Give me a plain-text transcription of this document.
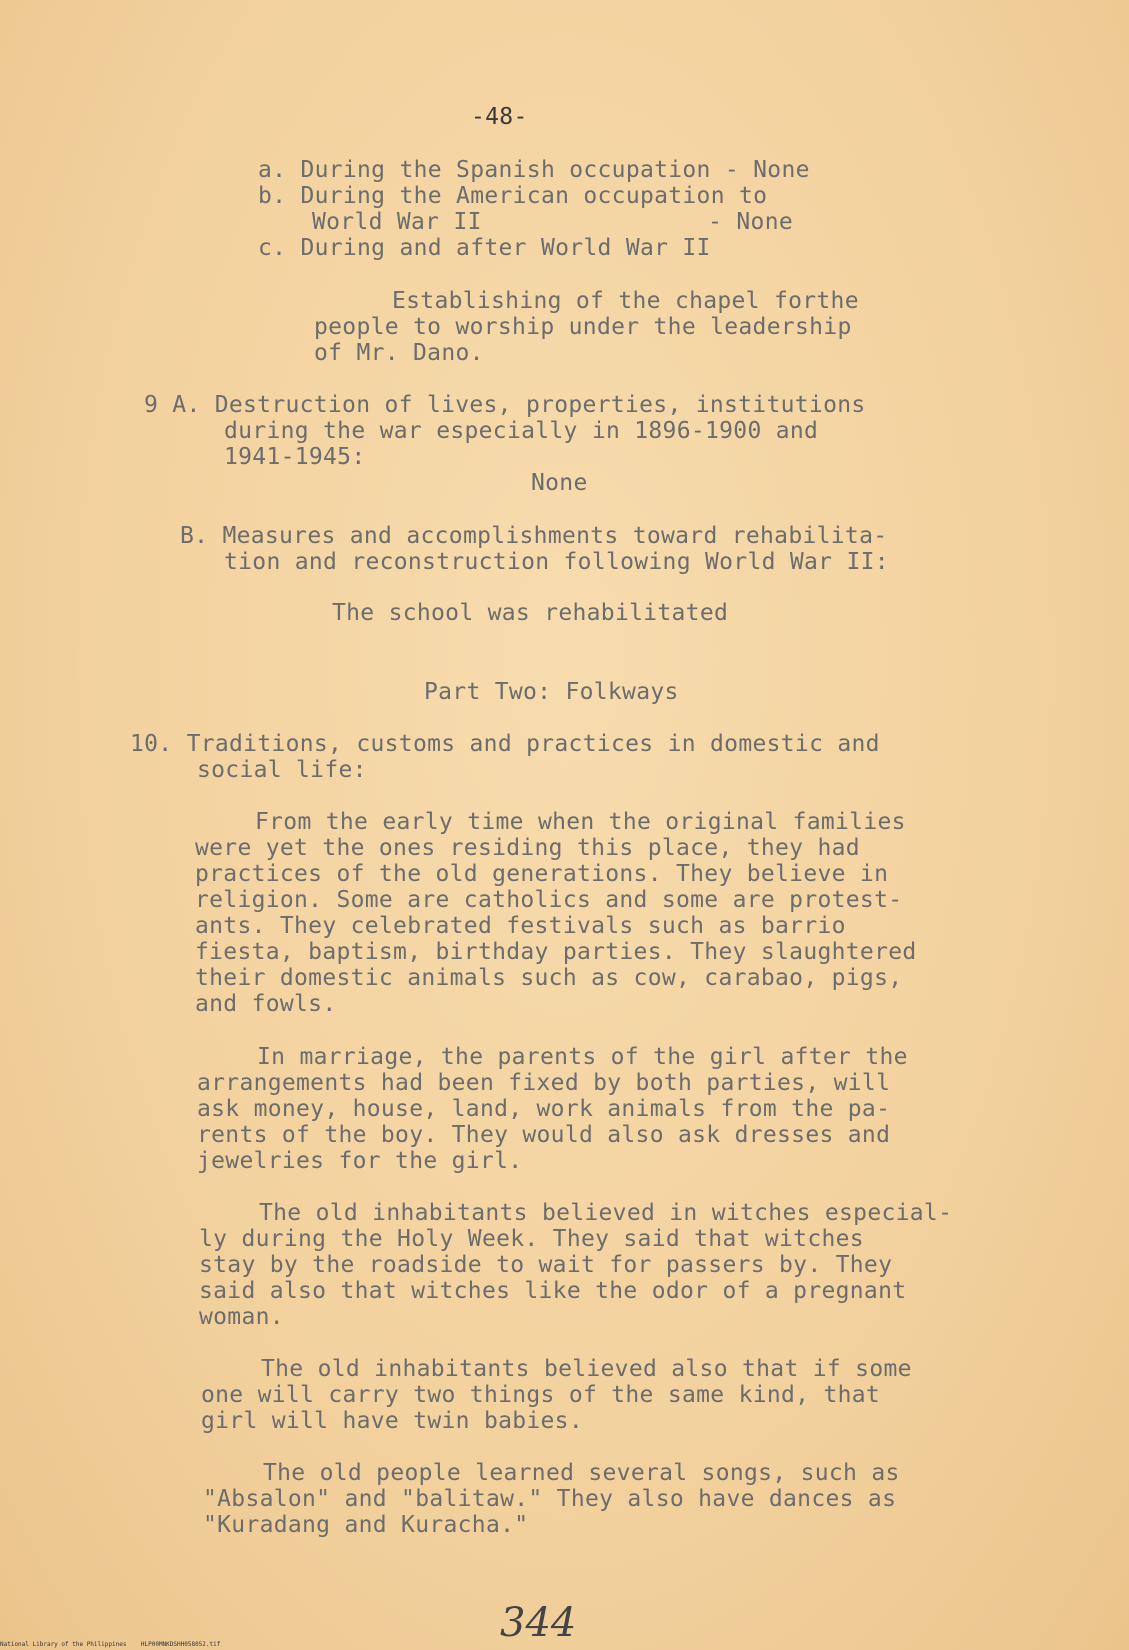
-48-
a. During the Spanish occupation - None
b. During the American occupation to
World War II                - None
c. During and after World War II
Establishing of the chapel forthe
people to worship under the leadership
of Mr. Dano.
9 A. Destruction of lives, properties, institutions
during the war especially in 1896-1900 and
1941-1945:
None
B. Measures and accomplishments toward rehabilita-
tion and reconstruction following World War II:
The school was rehabilitated
Part Two: Folkways
10. Traditions, customs and practices in domestic and
social life:
From the early time when the original families
were yet the ones residing this place, they had
practices of the old generations. They believe in
religion. Some are catholics and some are protest-
ants. They celebrated festivals such as barrio
fiesta, baptism, birthday parties. They slaughtered
their domestic animals such as cow, carabao, pigs,
and fowls.
In marriage, the parents of the girl after the
arrangements had been fixed by both parties, will
ask money, house, land, work animals from the pa-
rents of the boy. They would also ask dresses and
jewelries for the girl.
The old inhabitants believed in witches especial-
ly during the Holy Week. They said that witches
stay by the roadside to wait for passers by. They
said also that witches like the odor of a pregnant
woman.
The old inhabitants believed also that if some
one will carry two things of the same kind, that
girl will have twin babies.
The old people learned several songs, such as
"Absalon" and "balitaw." They also have dances as
"Kuradang and Kuracha."
344
National Library of the Philippines    HLP00MNKDSHH058052.tif
